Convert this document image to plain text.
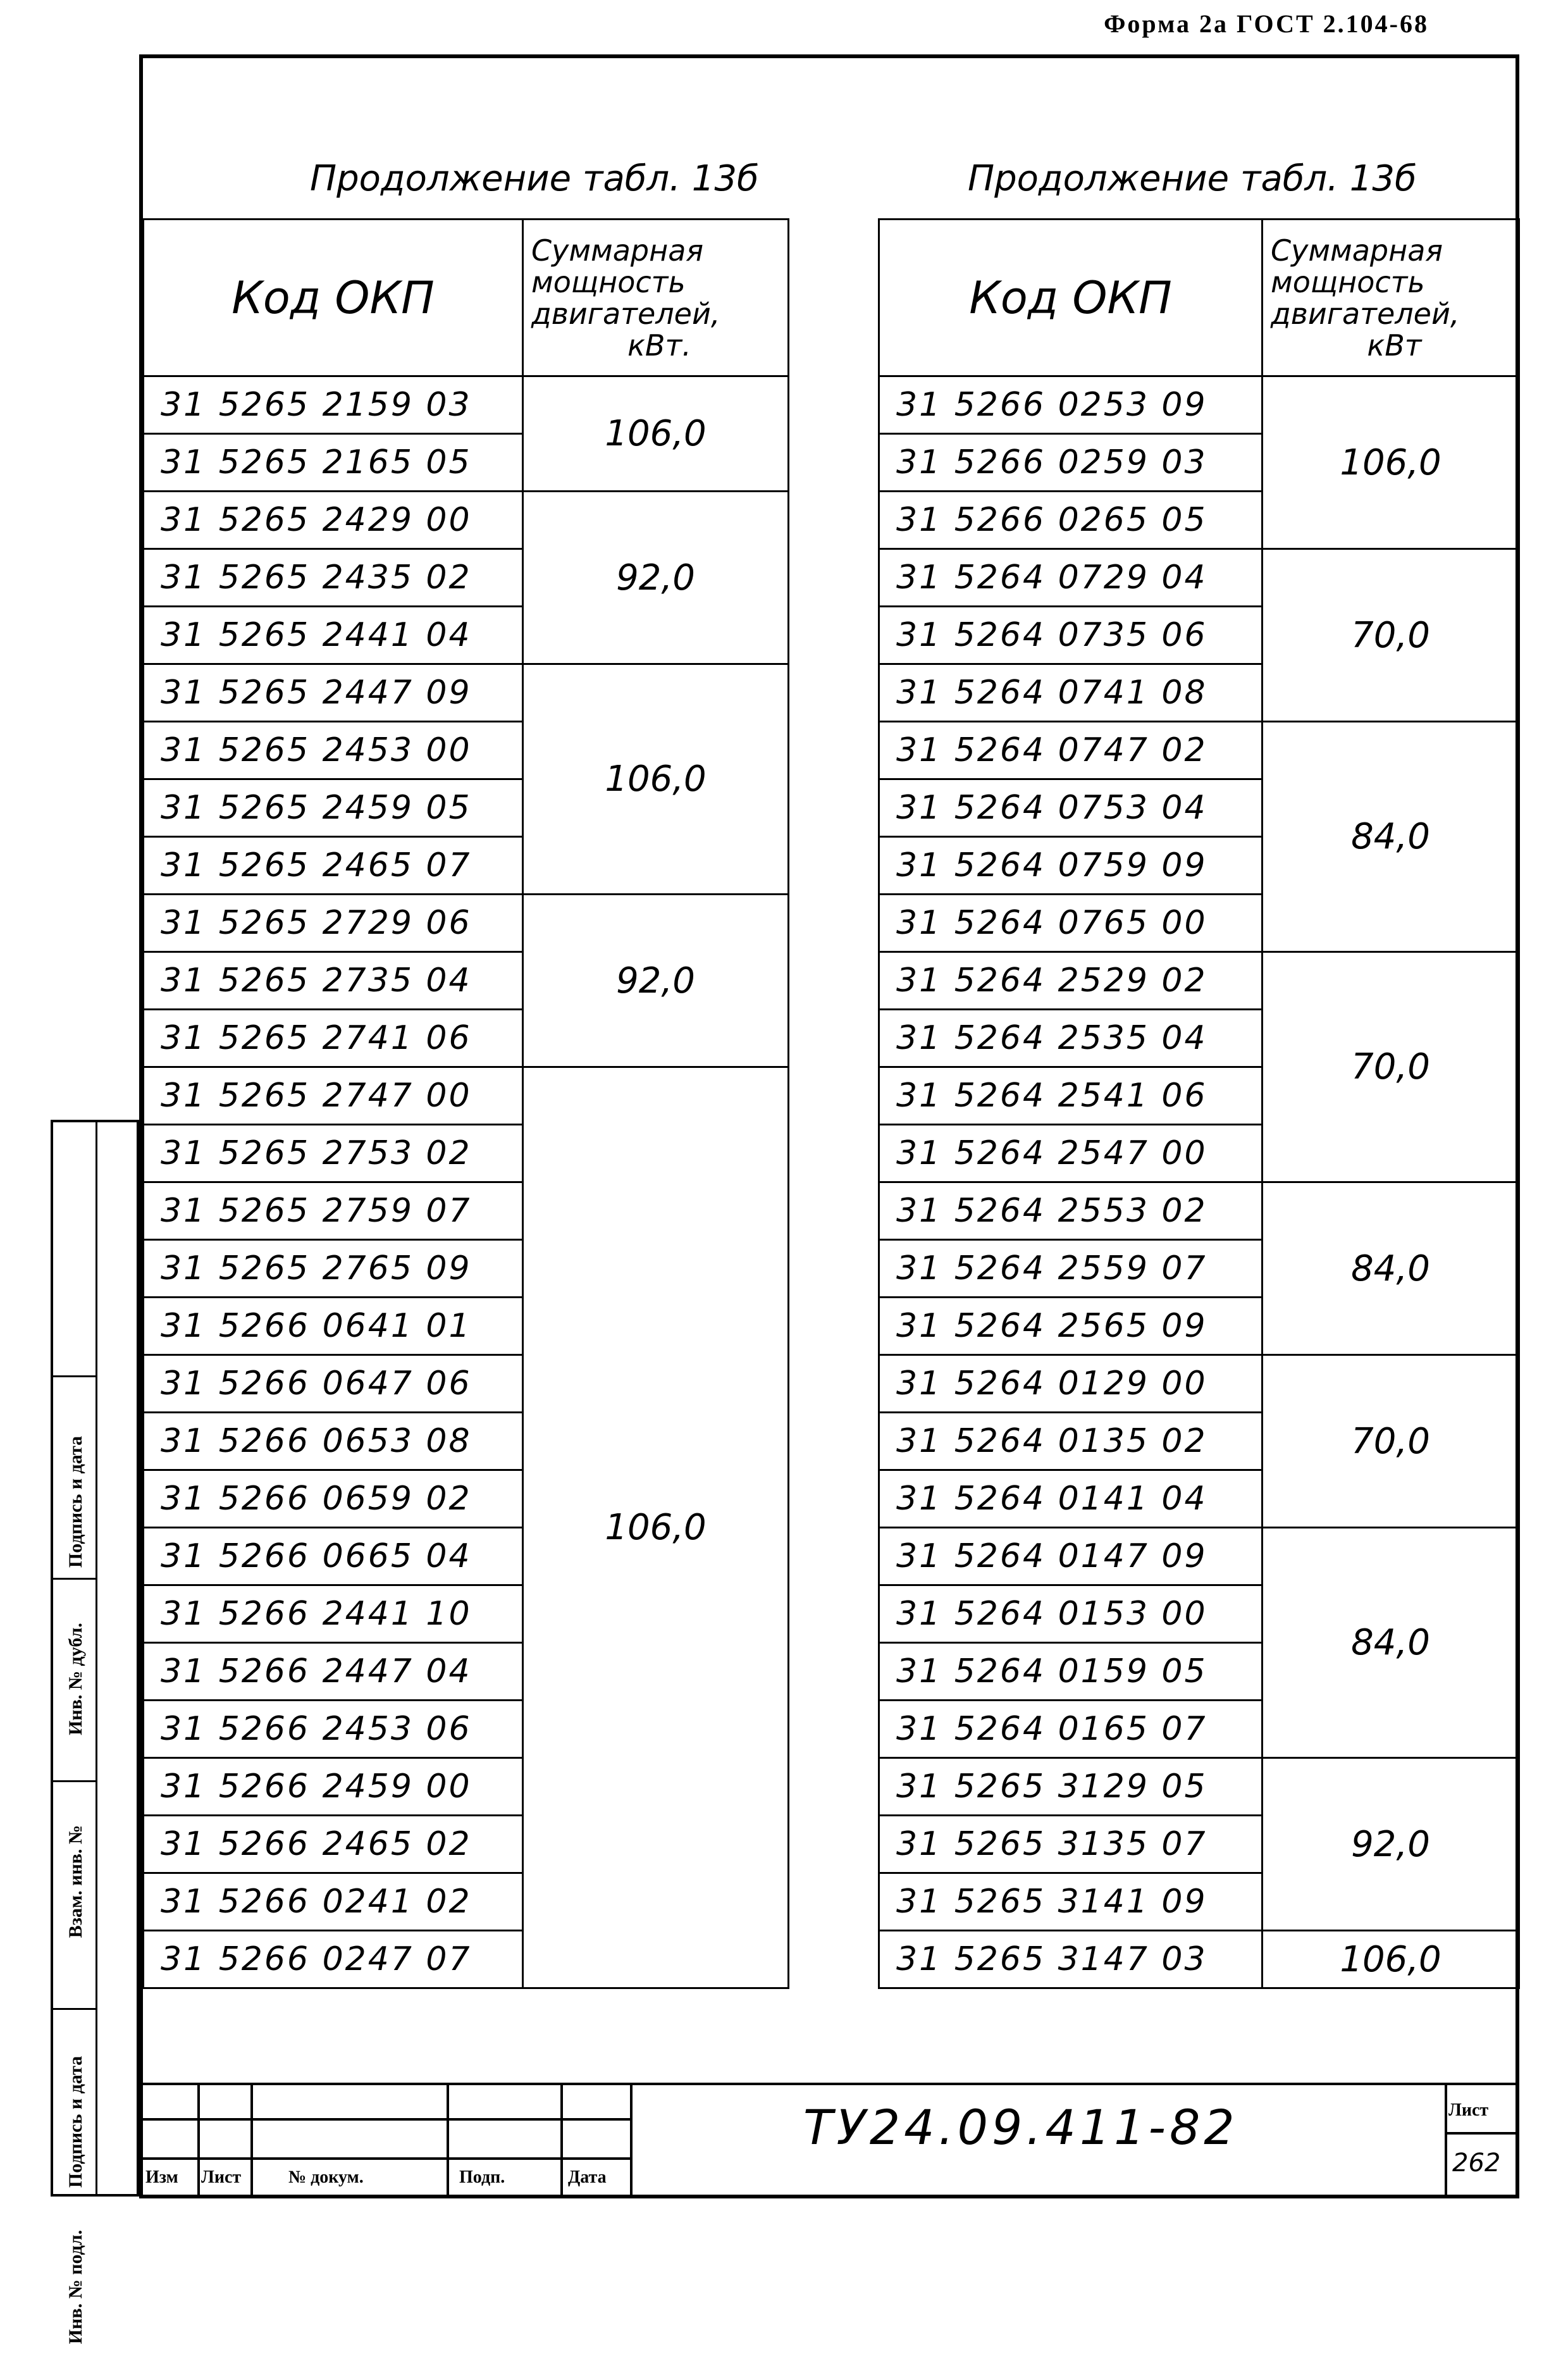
Форма 2а ГОСТ 2.104-68
Продолжение табл. 13б	Продолжение табл. 13б
Код ОКП	Суммарная
мощность
двигателей,
кВт.

31 5265 2159 03	106,0
31 5265 2165 05	
31 5265 2429 00	92,0
31 5265 2435 02	
31 5265 2441 04	
31 5265 2447 09	106,0
31 5265 2453 00	
31 5265 2459 05	
31 5265 2465 07	
31 5265 2729 06	92,0
31 5265 2735 04	
31 5265 2741 06	
31 5265 2747 00	106,0
31 5265 2753 02	
31 5265 2759 07	
31 5265 2765 09	
31 5266 0641 01	
31 5266 0647 06	
31 5266 0653 08	
31 5266 0659 02	
31 5266 0665 04	
31 5266 2441 10	
31 5266 2447 04	
31 5266 2453 06	
31 5266 2459 00	
31 5266 2465 02	
31 5266 0241 02	
31 5266 0247 07	
Код ОКП	Суммарная
мощность
двигателей,
кВт

31 5266 0253 09	106,0
31 5266 0259 03	
31 5266 0265 05	
31 5264 0729 04	70,0
31 5264 0735 06	
31 5264 0741 08	
31 5264 0747 02	84,0
31 5264 0753 04	
31 5264 0759 09	
31 5264 0765 00	
31 5264 2529 02	70,0
31 5264 2535 04	
31 5264 2541 06	
31 5264 2547 00	
31 5264 2553 02	84,0
31 5264 2559 07	
31 5264 2565 09	
31 5264 0129 00	70,0
31 5264 0135 02	
31 5264 0141 04	
31 5264 0147 09	84,0
31 5264 0153 00	
31 5264 0159 05	
31 5264 0165 07	
31 5265 3129 05	92,0
31 5265 3135 07	
31 5265 3141 09	
31 5265 3147 03	106,0
Подпись и дата
Инв. № дубл.
Взам. инв. №
Подпись и дата
Инв. № подл.
Изм Лист	№ докум.	Подп.	Дата
Лист
262
ТУ24.09.411-82
